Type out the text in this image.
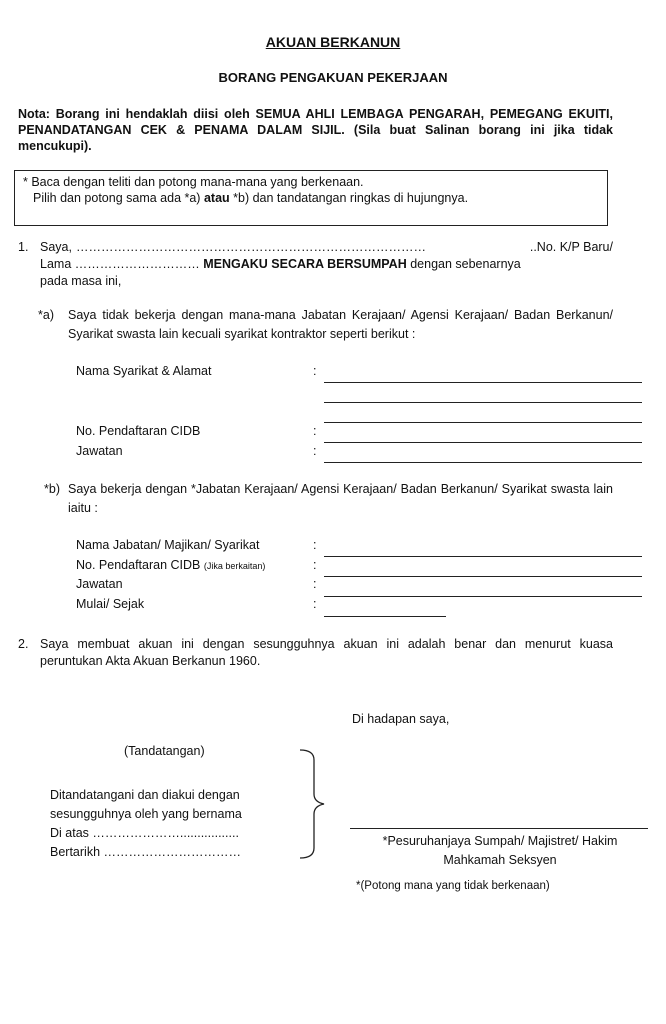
AKUAN BERKANUN
BORANG PENGAKUAN PEKERJAAN
Nota: Borang ini hendaklah diisi oleh SEMUA AHLI LEMBAGA PENGARAH, PEMEGANG EKUITI, PENANDATANGAN CEK & PENAMA DALAM SIJIL. (Sila buat Salinan borang ini jika tidak mencukupi).
* Baca dengan teliti dan potong mana-mana yang berkenaan.
Pilih dan potong sama ada *a) atau *b) dan tandatangan ringkas di hujungnya.
1. Saya, …………………………………………………………………………	..No. K/P Baru/
Lama ………………………… MENGAKU SECARA BERSUMPAH dengan sebenarnya
pada masa ini,
*a) Saya tidak bekerja dengan mana-mana Jabatan Kerajaan/ Agensi Kerajaan/ Badan Berkanun/ Syarikat swasta lain kecuali syarikat kontraktor seperti berikut :
Nama Syarikat & Alamat	:
No. Pendaftaran CIDB	:
Jawatan	:
*b) Saya bekerja dengan *Jabatan Kerajaan/ Agensi Kerajaan/ Badan Berkanun/ Syarikat swasta lain iaitu :
Nama Jabatan/ Majikan/ Syarikat	:
No. Pendaftaran CIDB (Jika berkaitan)	:
Jawatan	:
Mulai/ Sejak	:
2. Saya membuat akuan ini dengan sesungguhnya akuan ini adalah benar dan menurut kuasa peruntukan Akta Akuan Berkanun 1960.
Di hadapan saya,
(Tandatangan)
Ditandatangani dan diakui dengan
sesungguhnya oleh yang bernama
Di atas ………………….................
Bertarikh ……………………………
*Pesuruhanjaya Sumpah/ Majistret/ Hakim
Mahkamah Seksyen
*(Potong mana yang tidak berkenaan)
